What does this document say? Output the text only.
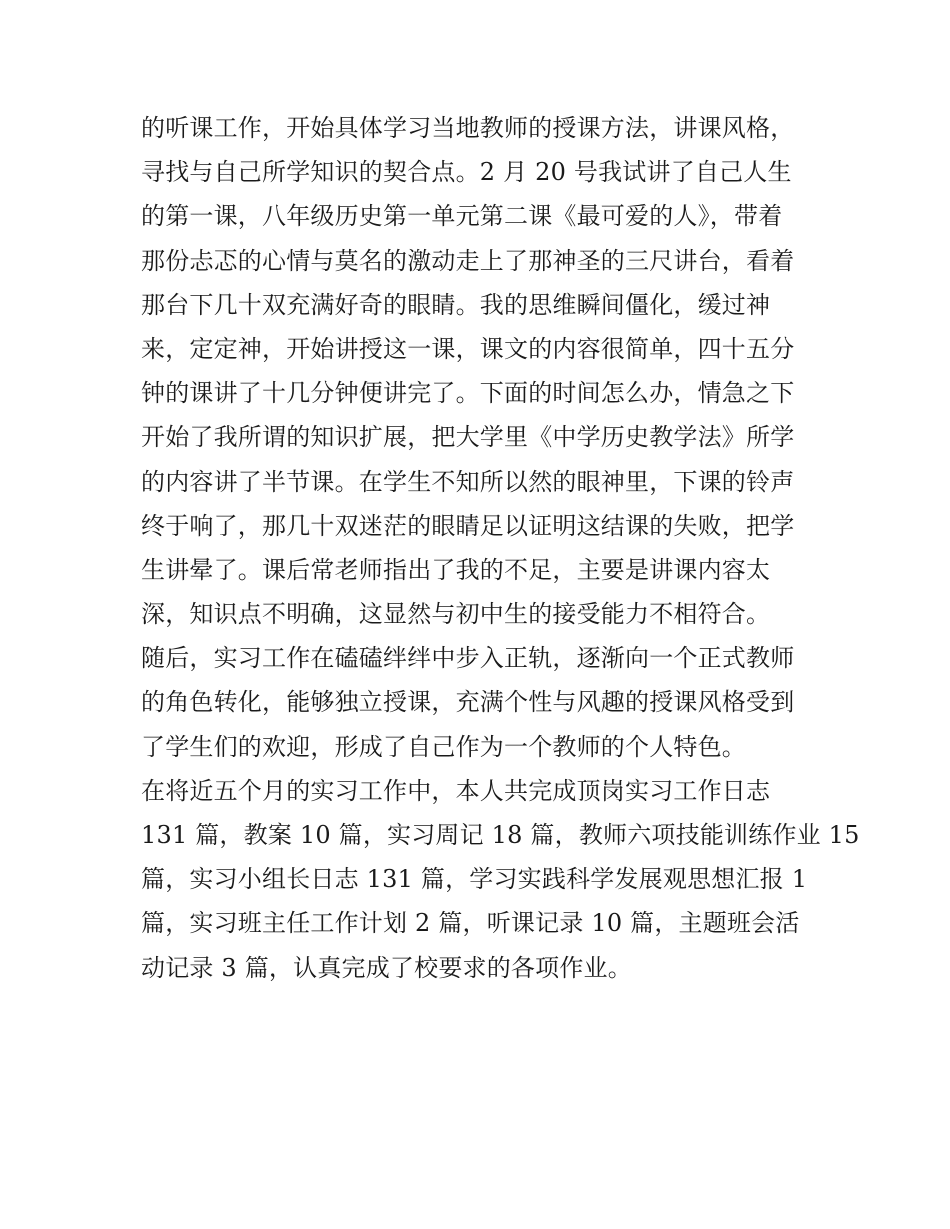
的听课工作，开始具体学习当地教师的授课方法，讲课风格，
寻找与自己所学知识的契合点。2 月 20 号我试讲了自己人生
的第一课，八年级历史第一单元第二课《最可爱的人》，带着
那份忐忑的心情与莫名的激动走上了那神圣的三尺讲台，看着
那台下几十双充满好奇的眼睛。我的思维瞬间僵化，缓过神
来，定定神，开始讲授这一课，课文的内容很简单，四十五分
钟的课讲了十几分钟便讲完了。下面的时间怎么办，情急之下
开始了我所谓的知识扩展，把大学里《中学历史教学法》所学
的内容讲了半节课。在学生不知所以然的眼神里，下课的铃声
终于响了，那几十双迷茫的眼睛足以证明这结课的失败，把学
生讲晕了。课后常老师指出了我的不足，主要是讲课内容太
深，知识点不明确，这显然与初中生的接受能力不相符合。
随后，实习工作在磕磕绊绊中步入正轨，逐渐向一个正式教师
的角色转化，能够独立授课，充满个性与风趣的授课风格受到
了学生们的欢迎，形成了自己作为一个教师的个人特色。
在将近五个月的实习工作中，本人共完成顶岗实习工作日志
131 篇，教案 10 篇，实习周记 18 篇，教师六项技能训练作业 15
篇，实习小组长日志 131 篇，学习实践科学发展观思想汇报 1
篇，实习班主任工作计划 2 篇，听课记录 10 篇，主题班会活
动记录 3 篇，认真完成了校要求的各项作业。
